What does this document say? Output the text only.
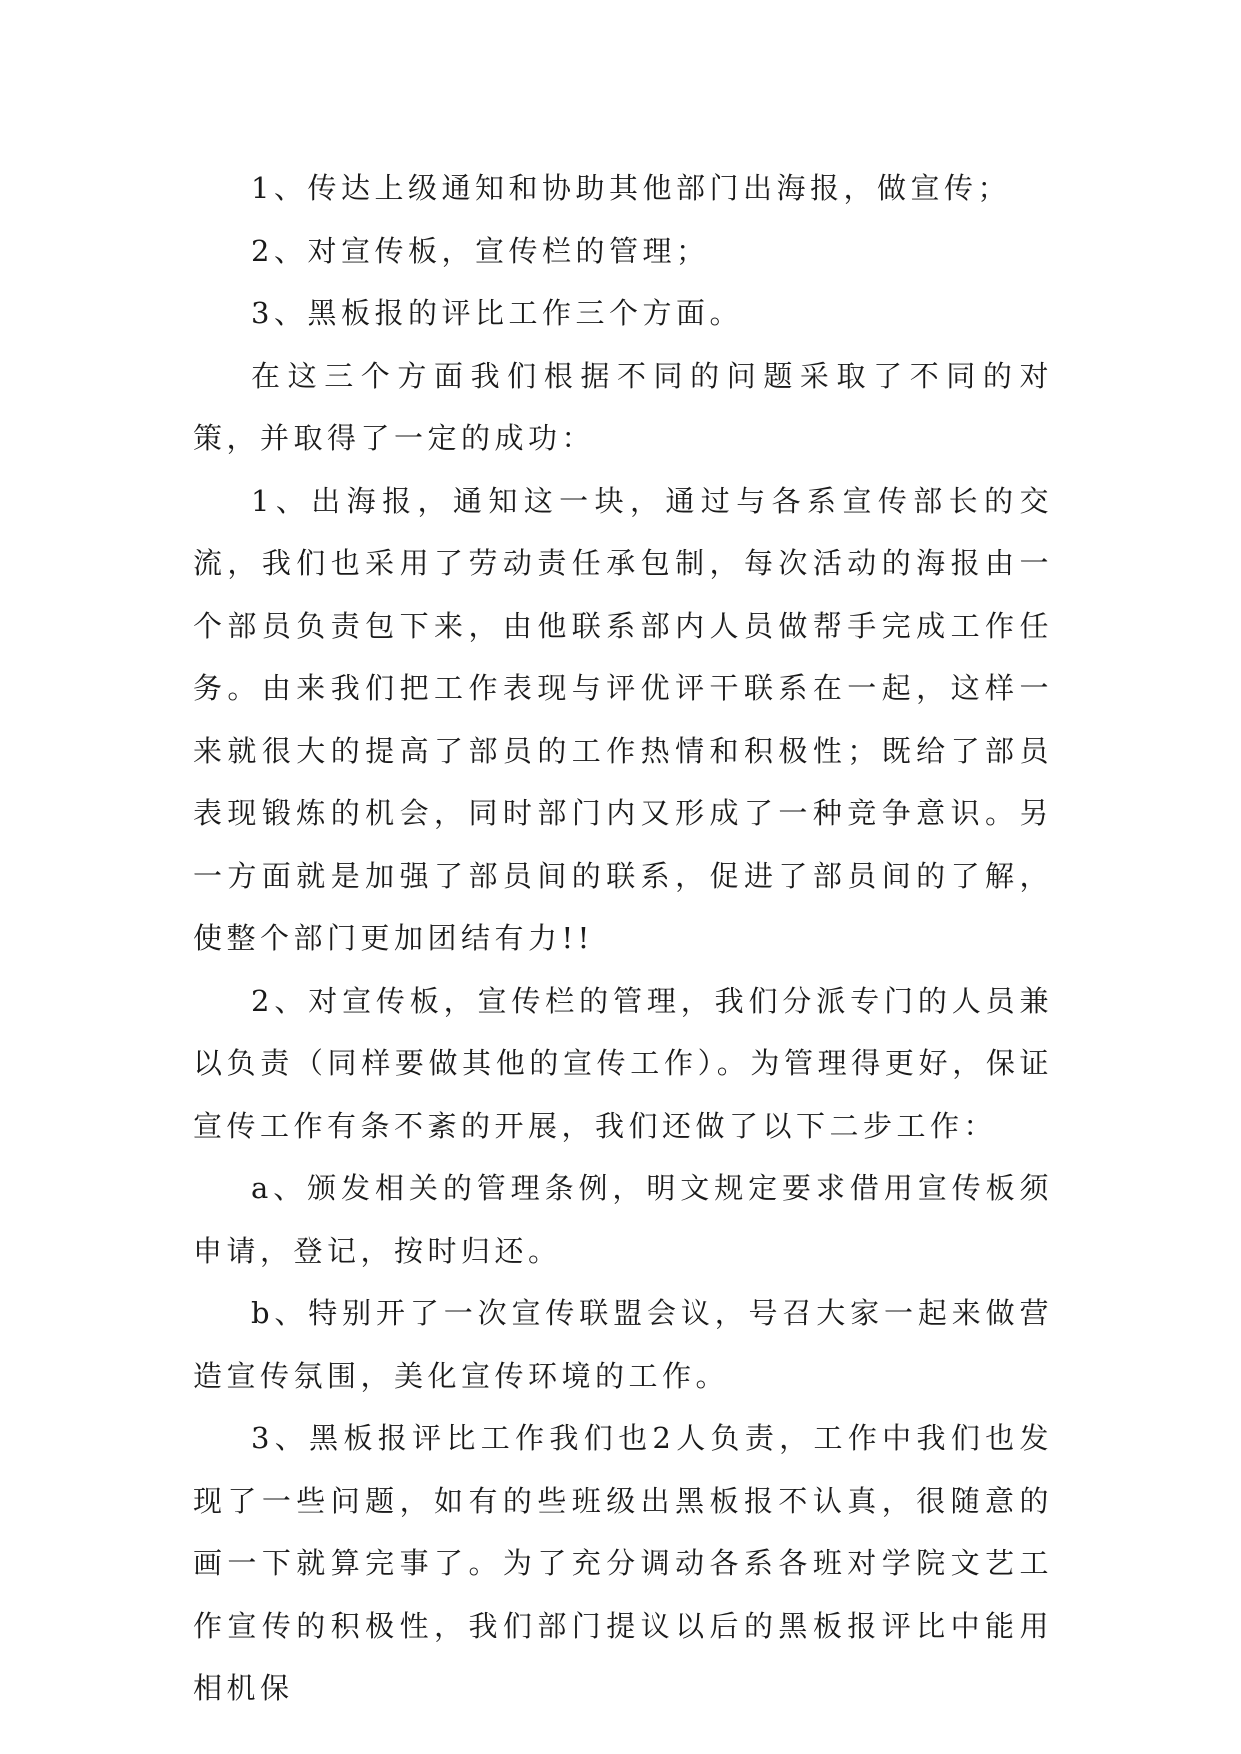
1、传达上级通知和协助其他部门出海报，做宣传；

2、对宣传板，宣传栏的管理；

3、黑板报的评比工作三个方面。

在这三个方面我们根据不同的问题采取了不同的对策，并取得了一定的成功：

1、出海报，通知这一块，通过与各系宣传部长的交流，我们也采用了劳动责任承包制，每次活动的海报由一个部员负责包下来，由他联系部内人员做帮手完成工作任务。由来我们把工作表现与评优评干联系在一起，这样一来就很大的提高了部员的工作热情和积极性；既给了部员表现锻炼的机会，同时部门内又形成了一种竞争意识。另一方面就是加强了部员间的联系，促进了部员间的了解，使整个部门更加团结有力!!

2、对宣传板，宣传栏的管理，我们分派专门的人员兼以负责（同样要做其他的宣传工作）。为管理得更好，保证宣传工作有条不紊的开展，我们还做了以下二步工作：

a、颁发相关的管理条例，明文规定要求借用宣传板须申请，登记，按时归还。

b、特别开了一次宣传联盟会议，号召大家一起来做营造宣传氛围，美化宣传环境的工作。

3、黑板报评比工作我们也2人负责，工作中我们也发现了一些问题，如有的些班级出黑板报不认真，很随意的画一下就算完事了。为了充分调动各系各班对学院文艺工作宣传的积极性，我们部门提议以后的黑板报评比中能用相机保
